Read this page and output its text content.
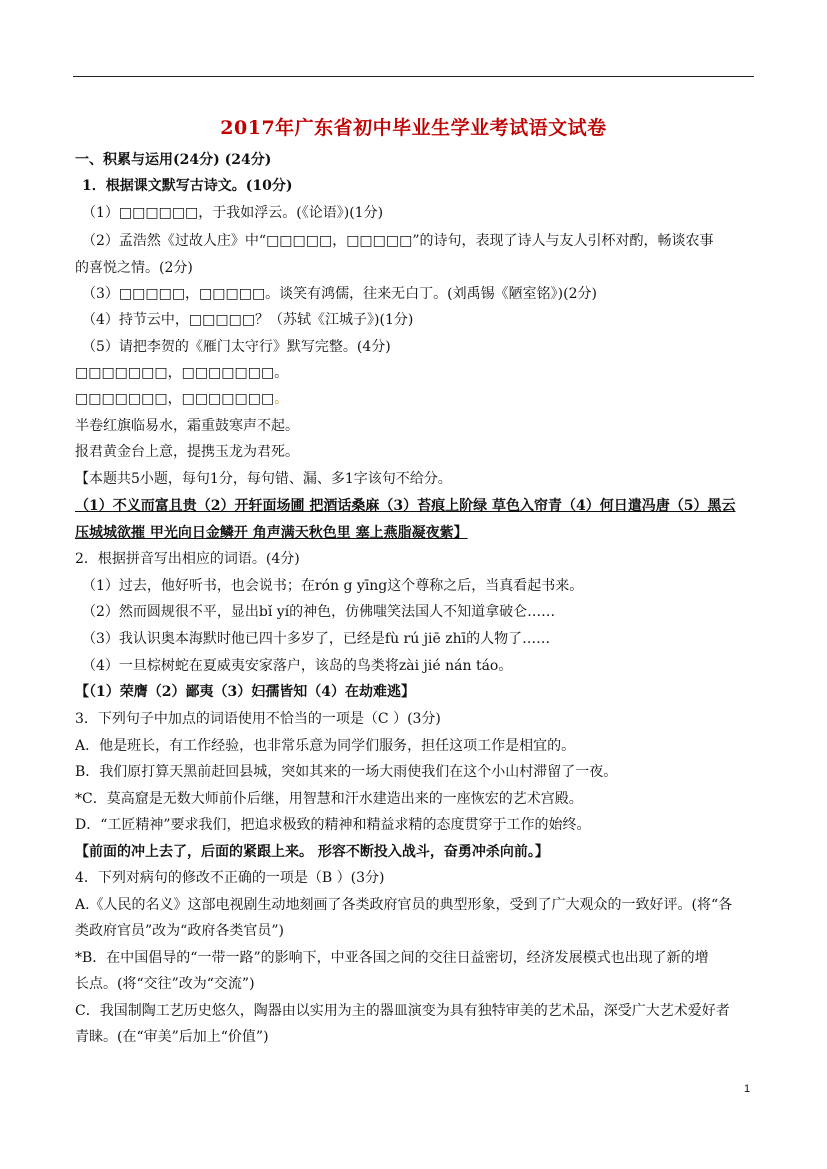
2017年广东省初中毕业生学业考试语文试卷
一、积累与运用(24分) (24分)
1．根据课文默写古诗文。(10分)
（1）□□□□□□，于我如浮云。(《论语》)(1分)
（2）孟浩然《过故人庄》中“□□□□□，□□□□□”的诗句，表现了诗人与友人引杯对酌，畅谈农事
的喜悦之情。(2分)
（3）□□□□□，□□□□□。谈笑有鸿儒，往来无白丁。(刘禹锡《陋室铭》)(2分)
（4）持节云中，□□□□□？（苏轼《江城子》)(1分)
（5）请把李贺的《雁门太守行》默写完整。(4分)
□□□□□□□，□□□□□□□。
□□□□□□□，□□□□□□□。
半卷红旗临易水，霜重鼓寒声不起。
报君黄金台上意，提携玉龙为君死。
【本题共5小题，每句1分，每句错、漏、多1字该句不给分。
（1）不义而富且贵（2）开轩面场圃 把酒话桑麻（3）苔痕上阶绿 草色入帘青（4）何日遣冯唐（5）黑云
压城城欲摧 甲光向日金鳞开 角声满天秋色里 塞上燕脂凝夜紫】
2．根据拼音写出相应的词语。(4分)
（1）过去，他好听书，也会说书；在rón g yīng这个尊称之后，当真看起书来。
（2）然而圆规很不平，显出bǐ yí的神色，仿佛嗤笑法国人不知道拿破仑……
（3）我认识奥本海默时他已四十多岁了，已经是fù rú jiē zhī的人物了……
（4）一旦棕树蛇在夏威夷安家落户，该岛的鸟类将zài jié nán táo。
【（1）荣膺（2）鄙夷（3）妇孺皆知（4）在劫难逃】
3．下列句子中加点的词语使用不恰当的一项是（C ）(3分)
A．他是班长，有工作经验，也非常乐意为同学们服务，担任这项工作是相宜的。
B．我们原打算天黑前赶回县城，突如其来的一场大雨使我们在这个小山村滞留了一夜。
*C．莫高窟是无数大师前仆后继，用智慧和汗水建造出来的一座恢宏的艺术宫殿。
D．“工匠精神”要求我们，把追求极致的精神和精益求精的态度贯穿于工作的始终。
【前面的冲上去了，后面的紧跟上来。 形容不断投入战斗，奋勇冲杀向前。】
4．下列对病句的修改不正确的一项是（B ）(3分)
A.《人民的名义》这部电视剧生动地刻画了各类政府官员的典型形象，受到了广大观众的一致好评。(将“各
类政府官员”改为“政府各类官员”)
*B．在中国倡导的“一带一路”的影响下，中亚各国之间的交往日益密切，经济发展模式也出现了新的增
长点。(将“交往”改为“交流”)
C．我国制陶工艺历史悠久，陶器由以实用为主的器皿演变为具有独特审美的艺术品，深受广大艺术爱好者
青睐。(在“审美”后加上“价值”)
1
